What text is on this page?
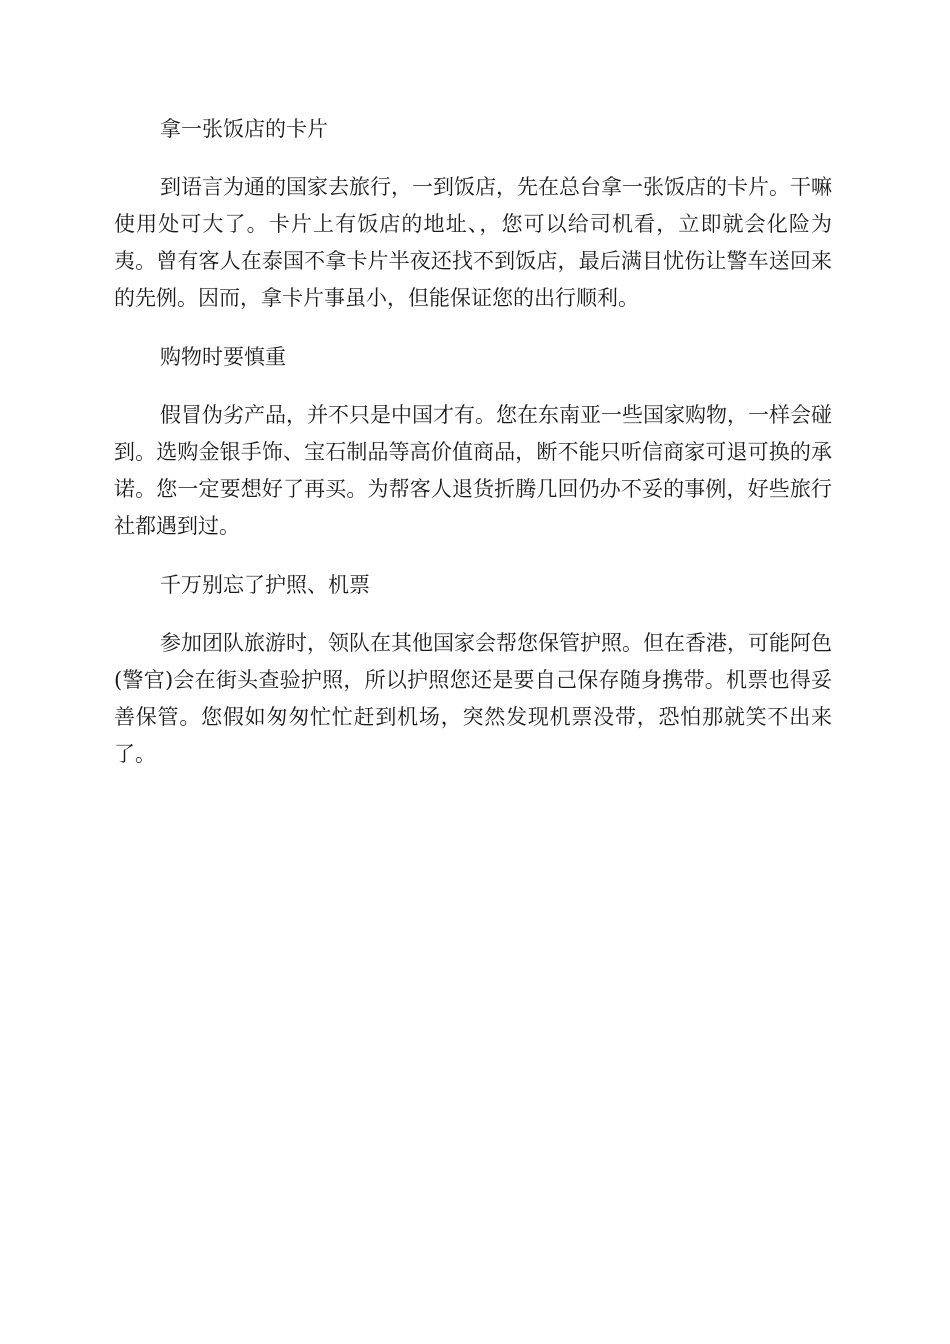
拿一张饭店的卡片

到语言为通的国家去旅行，一到饭店，先在总台拿一张饭店的卡片。干嘛使用处可大了。卡片上有饭店的地址、，您可以给司机看，立即就会化险为夷。曾有客人在泰国不拿卡片半夜还找不到饭店，最后满目忧伤让警车送回来的先例。因而，拿卡片事虽小，但能保证您的出行顺利。

购物时要慎重

假冒伪劣产品，并不只是中国才有。您在东南亚一些国家购物，一样会碰到。选购金银手饰、宝石制品等高价值商品，断不能只听信商家可退可换的承诺。您一定要想好了再买。为帮客人退货折腾几回仍办不妥的事例，好些旅行社都遇到过。

千万别忘了护照、机票

参加团队旅游时，领队在其他国家会帮您保管护照。但在香港，可能阿色(警官)会在街头查验护照，所以护照您还是要自己保存随身携带。机票也得妥善保管。您假如匆匆忙忙赶到机场，突然发现机票没带，恐怕那就笑不出来了。
